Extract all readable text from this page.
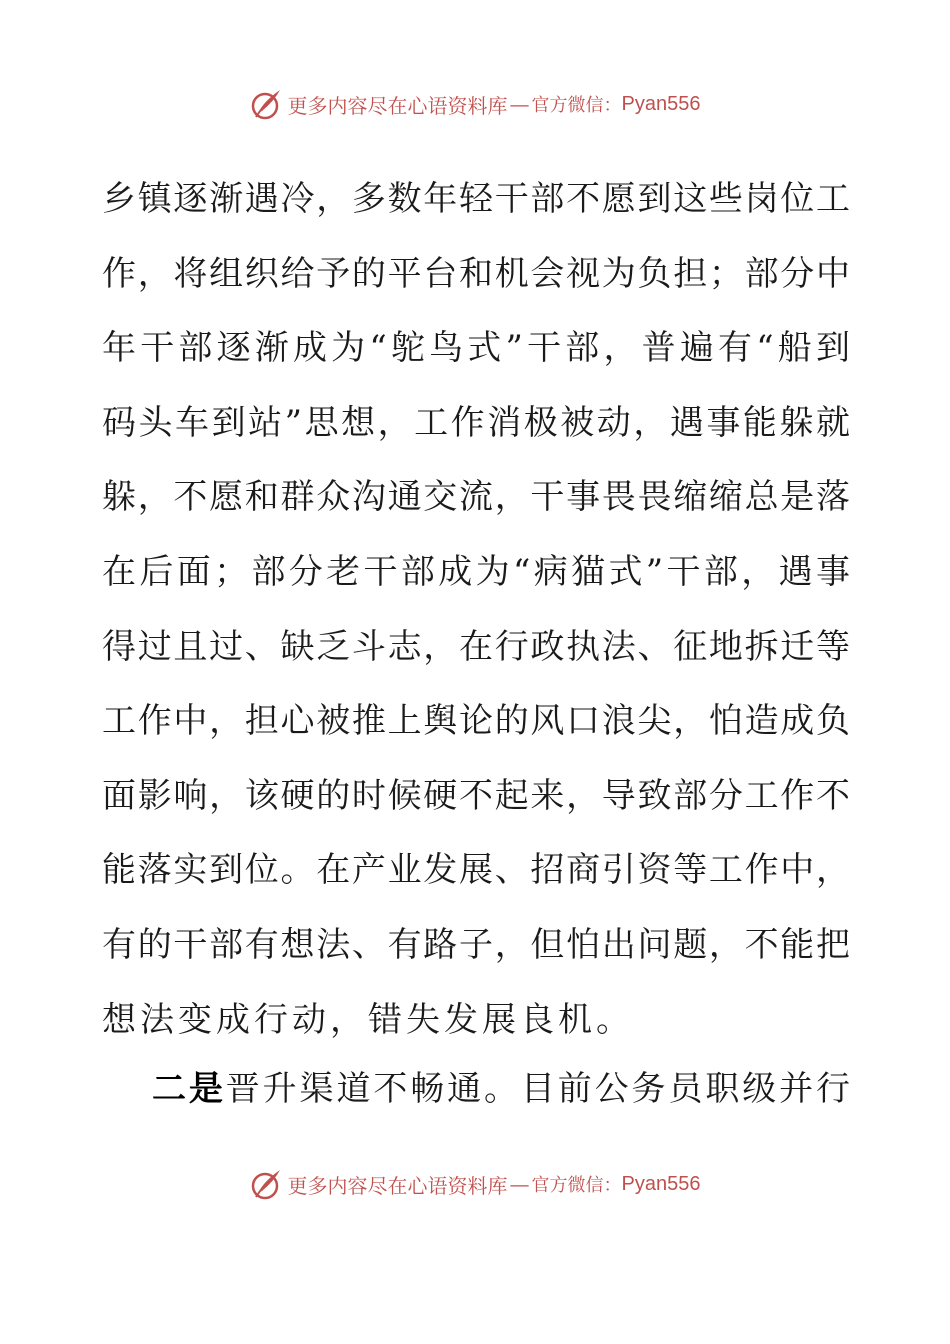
更多内容尽在心语资料库 — 官方微信： Pyan556
乡镇逐渐遇冷，多数年轻干部不愿到这些岗位工
作，将组织给予的平台和机会视为负担；部分中
年干部逐渐成为“鸵鸟式”干部，普遍有“船到
码头车到站”思想，工作消极被动，遇事能躲就
躲，不愿和群众沟通交流，干事畏畏缩缩总是落
在后面；部分老干部成为“病猫式”干部，遇事
得过且过、缺乏斗志，在行政执法、征地拆迁等
工作中，担心被推上舆论的风口浪尖，怕造成负
面影响，该硬的时候硬不起来，导致部分工作不
能落实到位。在产业发展、招商引资等工作中，
有的干部有想法、有路子，但怕出问题，不能把
想法变成行动，错失发展良机。
二是晋升渠道不畅通。目前公务员职级并行
更多内容尽在心语资料库 — 官方微信： Pyan556
